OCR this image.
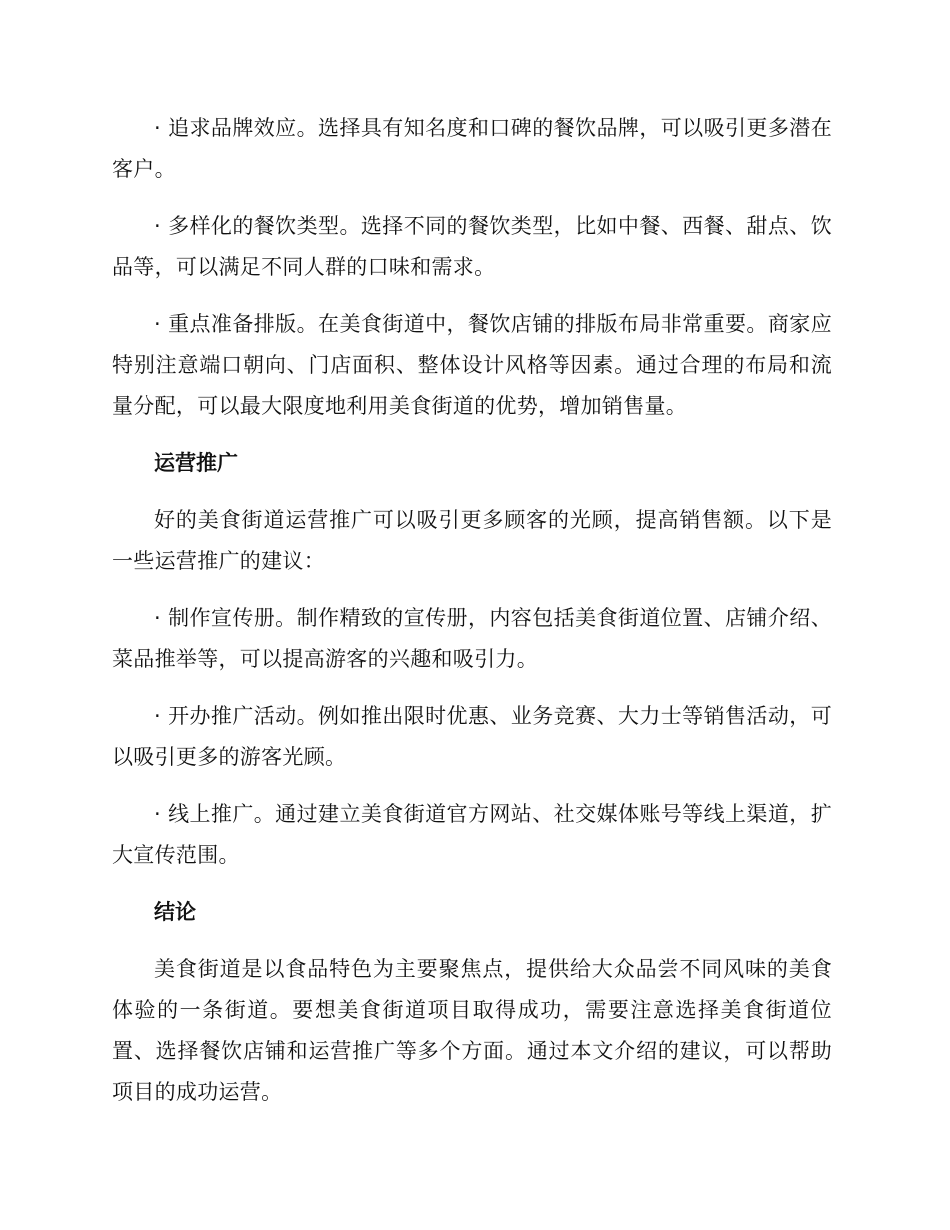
· 追求品牌效应。选择具有知名度和口碑的餐饮品牌，可以吸引更多潜在客户。

· 多样化的餐饮类型。选择不同的餐饮类型，比如中餐、西餐、甜点、饮品等，可以满足不同人群的口味和需求。

· 重点准备排版。在美食街道中，餐饮店铺的排版布局非常重要。商家应特别注意端口朝向、门店面积、整体设计风格等因素。通过合理的布局和流量分配，可以最大限度地利用美食街道的优势，增加销售量。

运营推广

好的美食街道运营推广可以吸引更多顾客的光顾，提高销售额。以下是一些运营推广的建议：

· 制作宣传册。制作精致的宣传册，内容包括美食街道位置、店铺介绍、菜品推举等，可以提高游客的兴趣和吸引力。

· 开办推广活动。例如推出限时优惠、业务竞赛、大力士等销售活动，可以吸引更多的游客光顾。

· 线上推广。通过建立美食街道官方网站、社交媒体账号等线上渠道，扩大宣传范围。

结论

美食街道是以食品特色为主要聚焦点，提供给大众品尝不同风味的美食体验的一条街道。要想美食街道项目取得成功，需要注意选择美食街道位置、选择餐饮店铺和运营推广等多个方面。通过本文介绍的建议，可以帮助项目的成功运营。
